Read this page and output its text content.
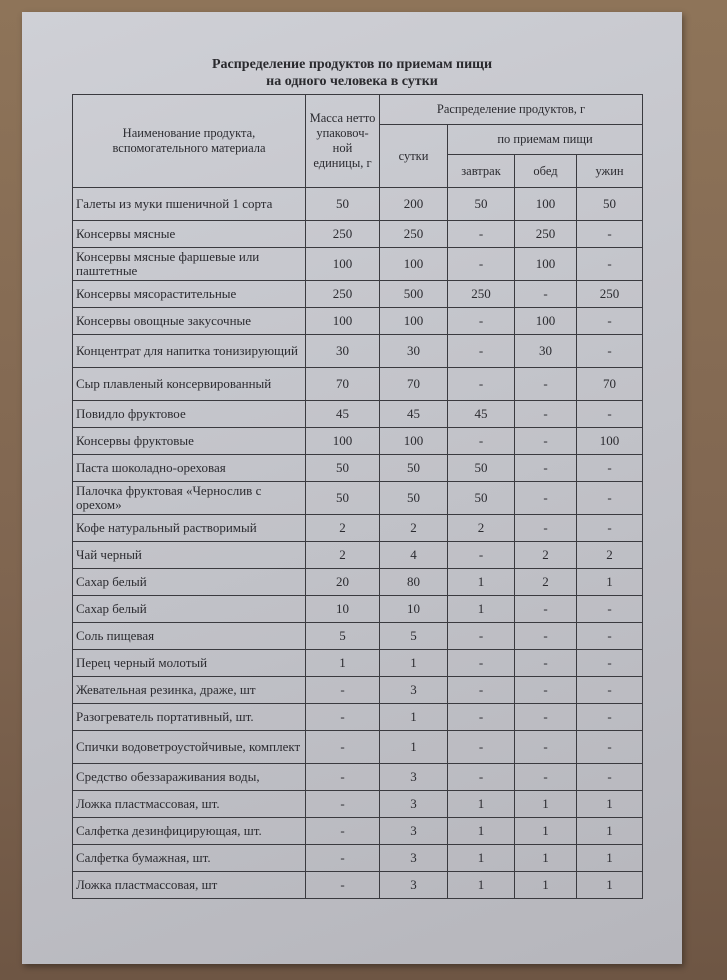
Распределение продуктов по приемам пищи
на одного человека в сутки
Наименование продукта, вспомогательного материала	Масса нетто упаковоч-ной единицы, г	Распределение продуктов, г			
		сутки	по приемам пищи		
			завтрак	обед	ужин
Галеты из муки пшеничной 1 сорта	50	200	50	100	50
Консервы мясные	250	250	-	250	-
Консервы мясные фаршевые или паштетные	100	100	-	100	-
Консервы мясорастительные	250	500	250	-	250
Консервы овощные закусочные	100	100	-	100	-
Концентрат для напитка тонизирующий	30	30	-	30	-
Сыр плавленый консервированный	70	70	-	-	70
Повидло фруктовое	45	45	45	-	-
Консервы фруктовые	100	100	-	-	100
Паста шоколадно-ореховая	50	50	50	-	-
Палочка фруктовая «Чернослив с орехом»	50	50	50	-	-
Кофе натуральный растворимый	2	2	2	-	-
Чай черный	2	4	-	2	2
Сахар белый	20	80	1	2	1
Сахар белый	10	10	1	-	-
Соль пищевая	5	5	-	-	-
Перец черный молотый	1	1	-	-	-
Жевательная резинка, драже, шт	-	3	-	-	-
Разогреватель портативный, шт.	-	1	-	-	-
Спички водоветроустойчивые, комплект	-	1	-	-	-
Средство обеззараживания воды,	-	3	-	-	-
Ложка пластмассовая, шт.	-	3	1	1	1
Салфетка дезинфицирующая, шт.	-	3	1	1	1
Салфетка бумажная, шт.	-	3	1	1	1
Ложка пластмассовая, шт	-	3	1	1	1
